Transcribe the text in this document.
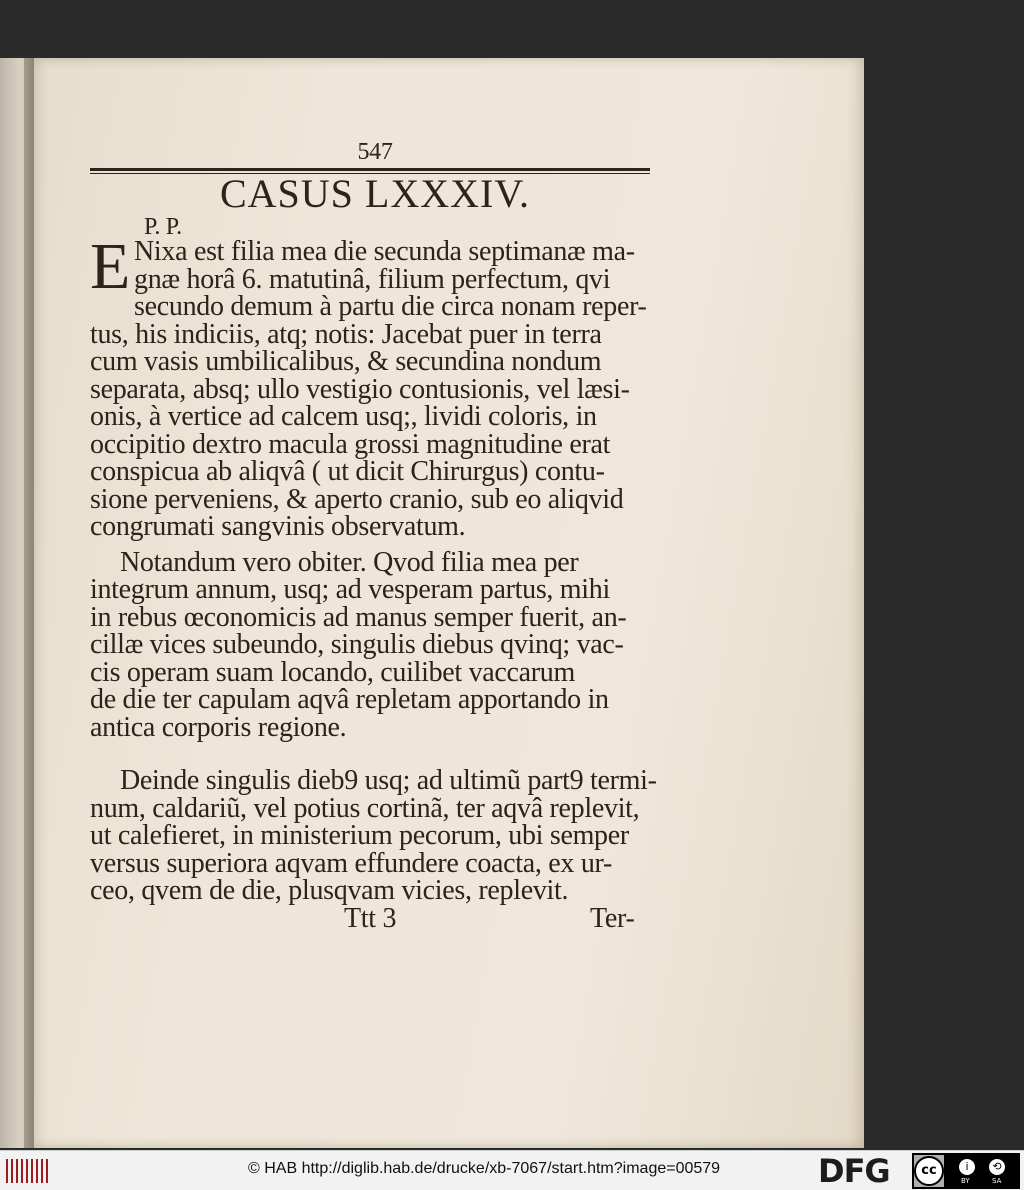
547
CASUS LXXXIV.
P. P.
E Nixa est filia mea die secunda septimanæ ma-
gnæ horâ 6. matutinâ, filium perfectum, qvi
secundo demum à partu die circa nonam reper-
tus, his indiciis, atq; notis: Jacebat puer in terra
cum vasis umbilicalibus, & secundina nondum
separata, absq; ullo vestigio contusionis, vel læsi-
onis, à vertice ad calcem usq;, lividi coloris, in
occipitio dextro macula grossi magnitudine erat
conspicua ab aliqvâ ( ut dicit Chirurgus) contu-
sione perveniens, & aperto cranio, sub eo aliqvid
congrumati sangvinis observatum.
Notandum vero obiter. Qvod filia mea per
integrum annum, usq; ad vesperam partus, mihi
in rebus œconomicis ad manus semper fuerit, an-
cillæ vices subeundo, singulis diebus qvinq; vac-
cis operam suam locando, cuilibet vaccarum
de die ter capulam aqvâ repletam apportando in
antica corporis regione.
Deinde singulis dieb9 usq; ad ultimũ part9 termi-
num, caldariũ, vel potius cortinã, ter aqvâ replevit,
ut calefieret, in ministerium pecorum, ubi semper
versus superiora aqvam effundere coacta, ex ur-
ceo, qvem de die, plusqvam vicies, replevit.
Ttt 3	Ter-
© HAB http://diglib.hab.de/drucke/xb-7067/start.htm?image=00579	DFG	cc	i	⟲
BY	SA
